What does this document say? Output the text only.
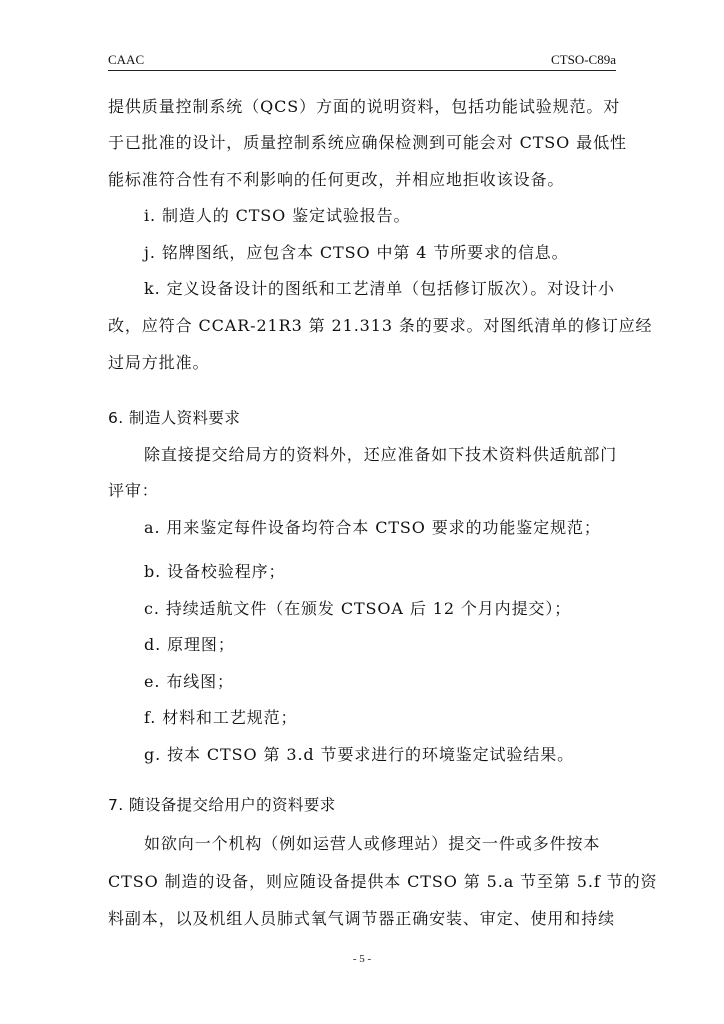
CAAC	CTSO-C89a
提供质量控制系统（QCS）方面的说明资料，包括功能试验规范。对
于已批准的设计，质量控制系统应确保检测到可能会对 CTSO 最低性
能标准符合性有不利影响的任何更改，并相应地拒收该设备。
i. 制造人的 CTSO 鉴定试验报告。
j. 铭牌图纸，应包含本 CTSO 中第 4 节所要求的信息。
k. 定义设备设计的图纸和工艺清单（包括修订版次）。对设计小
改，应符合 CCAR-21R3 第 21.313 条的要求。对图纸清单的修订应经
过局方批准。
6. 制造人资料要求
除直接提交给局方的资料外，还应准备如下技术资料供适航部门
评审：
a. 用来鉴定每件设备均符合本 CTSO 要求的功能鉴定规范；
b. 设备校验程序；
c. 持续适航文件（在颁发 CTSOA 后 12 个月内提交）；
d. 原理图；
e. 布线图；
f. 材料和工艺规范；
g. 按本 CTSO 第 3.d 节要求进行的环境鉴定试验结果。
7. 随设备提交给用户的资料要求
如欲向一个机构（例如运营人或修理站）提交一件或多件按本
CTSO 制造的设备，则应随设备提供本 CTSO 第 5.a 节至第 5.f 节的资
料副本，以及机组人员肺式氧气调节器正确安装、审定、使用和持续
- 5 -
